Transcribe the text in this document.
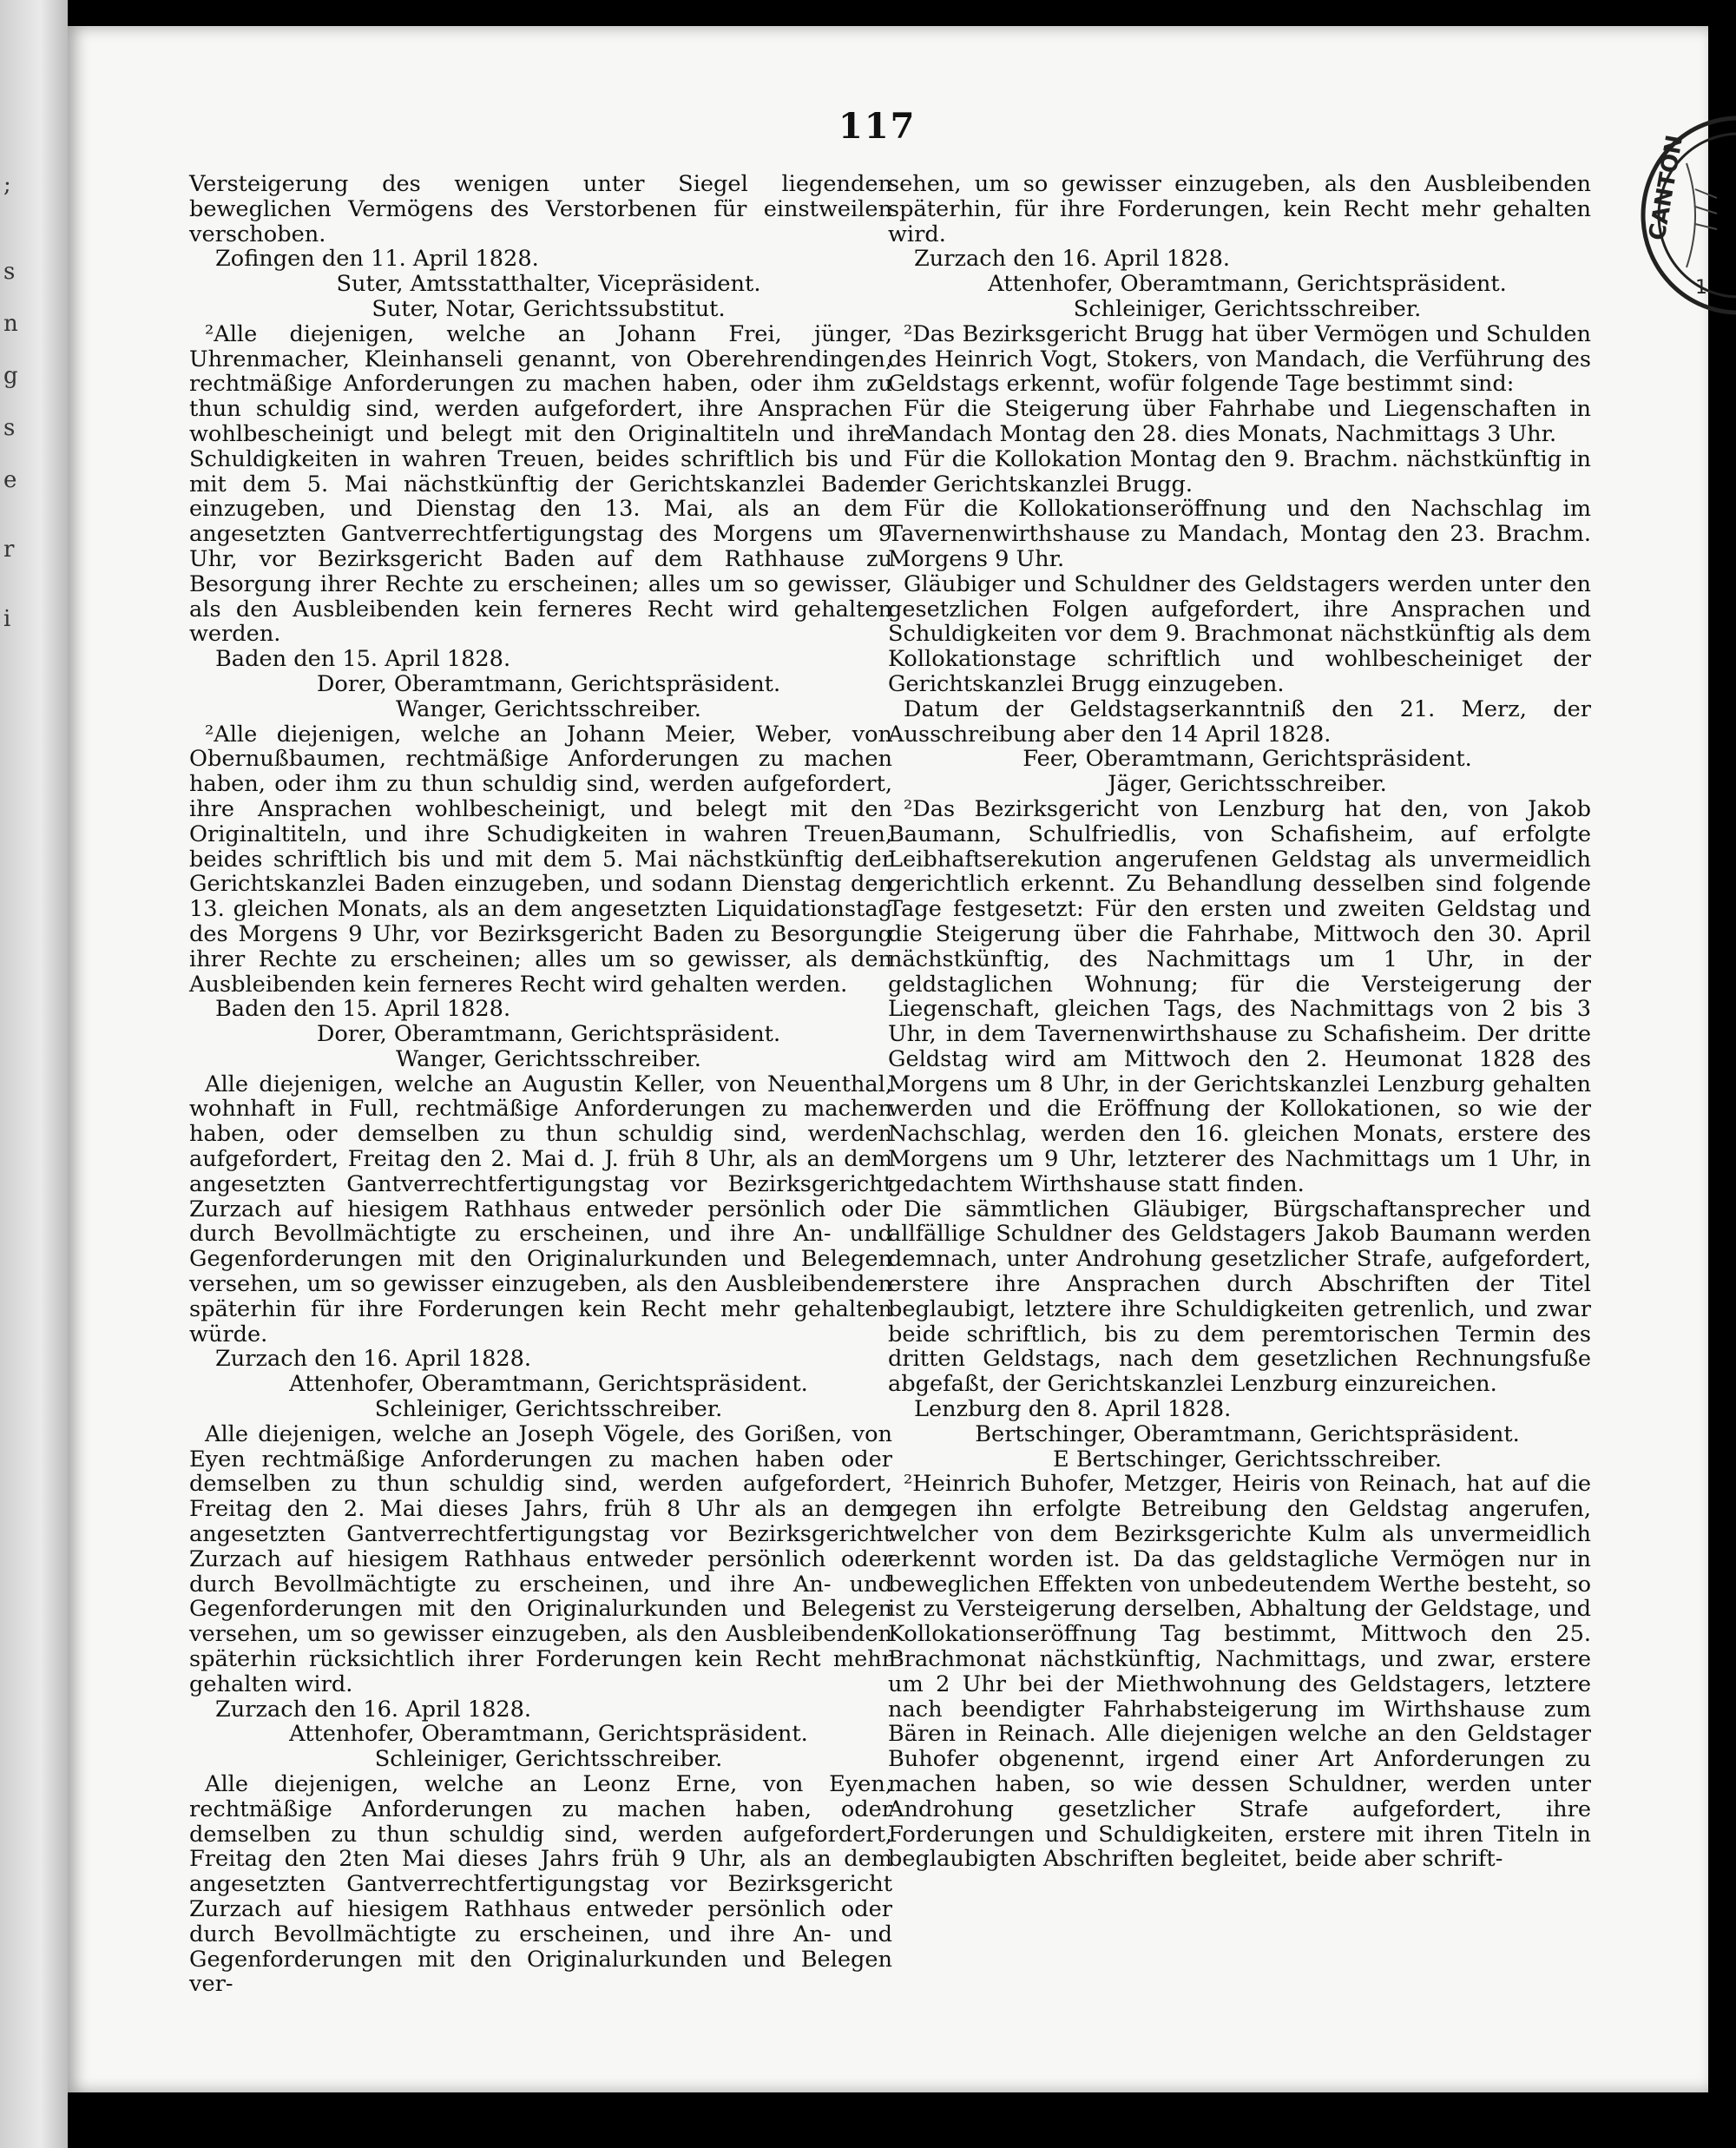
;
s
n
g
s
e
r
i
117
CANTON
1

Versteigerung des wenigen unter Siegel liegenden beweglichen Vermögens des Verstorbenen für einstweilen verschoben.

Zofingen den 11. April 1828.

Suter, Amtsstatthalter, Vicepräsident.

Suter, Notar, Gerichtssubstitut.

²Alle diejenigen, welche an Johann Frei, jünger, Uhrenmacher, Kleinhanseli genannt, von Oberehrendingen, rechtmäßige Anforderungen zu machen haben, oder ihm zu thun schuldig sind, werden aufgefordert, ihre Ansprachen wohlbescheinigt und belegt mit den Originaltiteln und ihre Schuldigkeiten in wahren Treuen, beides schriftlich bis und mit dem 5. Mai nächstkünftig der Gerichtskanzlei Baden einzugeben, und Dienstag den 13. Mai, als an dem angesetzten Gantverrechtfertigungstag des Morgens um 9 Uhr, vor Bezirksgericht Baden auf dem Rathhause zu Besorgung ihrer Rechte zu erscheinen; alles um so gewisser, als den Ausbleibenden kein ferneres Recht wird gehalten werden.

Baden den 15. April 1828.

Dorer, Oberamtmann, Gerichtspräsident.

Wanger, Gerichtsschreiber.

²Alle diejenigen, welche an Johann Meier, Weber, von Obernußbaumen, rechtmäßige Anforderungen zu machen haben, oder ihm zu thun schuldig sind, werden aufgefordert, ihre Ansprachen wohlbescheinigt, und belegt mit den Originaltiteln, und ihre Schudigkeiten in wahren Treuen, beides schriftlich bis und mit dem 5. Mai nächstkünftig der Gerichtskanzlei Baden einzugeben, und sodann Dienstag den 13. gleichen Monats, als an dem angesetzten Liquidationstag des Morgens 9 Uhr, vor Bezirksgericht Baden zu Besorgung ihrer Rechte zu erscheinen; alles um so gewisser, als den Ausbleibenden kein ferneres Recht wird gehalten werden.

Baden den 15. April 1828.

Dorer, Oberamtmann, Gerichtspräsident.

Wanger, Gerichtsschreiber.

Alle diejenigen, welche an Augustin Keller, von Neuenthal, wohnhaft in Full, rechtmäßige Anforderungen zu machen haben, oder demselben zu thun schuldig sind, werden aufgefordert, Freitag den 2. Mai d. J. früh 8 Uhr, als an dem angesetzten Gantverrechtfertigungstag vor Bezirksgericht Zurzach auf hiesigem Rathhaus entweder persönlich oder durch Bevollmächtigte zu erscheinen, und ihre An- und Gegenforderungen mit den Originalurkunden und Belegen versehen, um so gewisser einzugeben, als den Ausbleibenden späterhin für ihre Forderungen kein Recht mehr gehalten würde.

Zurzach den 16. April 1828.

Attenhofer, Oberamtmann, Gerichtspräsident.

Schleiniger, Gerichtsschreiber.

Alle diejenigen, welche an Joseph Vögele, des Gorißen, von Eyen rechtmäßige Anforderungen zu machen haben oder demselben zu thun schuldig sind, werden aufgefordert, Freitag den 2. Mai dieses Jahrs, früh 8 Uhr als an dem angesetzten Gantverrechtfertigungstag vor Bezirksgericht Zurzach auf hiesigem Rathhaus entweder persönlich oder durch Bevollmächtigte zu erscheinen, und ihre An- und Gegenforderungen mit den Originalurkunden und Belegen versehen, um so gewisser einzugeben, als den Ausbleibenden späterhin rücksichtlich ihrer Forderungen kein Recht mehr gehalten wird.

Zurzach den 16. April 1828.

Attenhofer, Oberamtmann, Gerichtspräsident.

Schleiniger, Gerichtsschreiber.

Alle diejenigen, welche an Leonz Erne, von Eyen, rechtmäßige Anforderungen zu machen haben, oder demselben zu thun schuldig sind, werden aufgefordert, Freitag den 2ten Mai dieses Jahrs früh 9 Uhr, als an dem angesetzten Gantverrechtfertigungstag vor Bezirksgericht Zurzach auf hiesigem Rathhaus entweder persönlich oder durch Bevollmächtigte zu erscheinen, und ihre An- und Gegenforderungen mit den Originalurkunden und Belegen ver-

sehen, um so gewisser einzugeben, als den Ausbleibenden späterhin, für ihre Forderungen, kein Recht mehr gehalten wird.

Zurzach den 16. April 1828.

Attenhofer, Oberamtmann, Gerichtspräsident.

Schleiniger, Gerichtsschreiber.

²Das Bezirksgericht Brugg hat über Vermögen und Schulden des Heinrich Vogt, Stokers, von Mandach, die Verführung des Geldstags erkennt, wofür folgende Tage bestimmt sind:

Für die Steigerung über Fahrhabe und Liegenschaften in Mandach Montag den 28. dies Monats, Nachmittags 3 Uhr.

Für die Kollokation Montag den 9. Brachm. nächstkünftig in der Gerichtskanzlei Brugg.

Für die Kollokationseröffnung und den Nachschlag im Tavernenwirthshause zu Mandach, Montag den 23. Brachm. Morgens 9 Uhr.

Gläubiger und Schuldner des Geldstagers werden unter den gesetzlichen Folgen aufgefordert, ihre Ansprachen und Schuldigkeiten vor dem 9. Brachmonat nächstkünftig als dem Kollokationstage schriftlich und wohlbescheiniget der Gerichtskanzlei Brugg einzugeben.

Datum der Geldstagserkanntniß den 21. Merz, der Ausschreibung aber den 14 April 1828.

Feer, Oberamtmann, Gerichtspräsident.

Jäger, Gerichtsschreiber.

²Das Bezirksgericht von Lenzburg hat den, von Jakob Baumann, Schulfriedlis, von Schafisheim, auf erfolgte Leibhaftserekution angerufenen Geldstag als unvermeidlich gerichtlich erkennt. Zu Behandlung desselben sind folgende Tage festgesetzt: Für den ersten und zweiten Geldstag und die Steigerung über die Fahrhabe, Mittwoch den 30. April nächstkünftig, des Nachmittags um 1 Uhr, in der geldstaglichen Wohnung; für die Versteigerung der Liegenschaft, gleichen Tags, des Nachmittags von 2 bis 3 Uhr, in dem Tavernenwirthshause zu Schafisheim. Der dritte Geldstag wird am Mittwoch den 2. Heumonat 1828 des Morgens um 8 Uhr, in der Gerichtskanzlei Lenzburg gehalten werden und die Eröffnung der Kollokationen, so wie der Nachschlag, werden den 16. gleichen Monats, erstere des Morgens um 9 Uhr, letzterer des Nachmittags um 1 Uhr, in gedachtem Wirthshause statt finden.

Die sämmtlichen Gläubiger, Bürgschaftansprecher und allfällige Schuldner des Geldstagers Jakob Baumann werden demnach, unter Androhung gesetzlicher Strafe, aufgefordert, erstere ihre Ansprachen durch Abschriften der Titel beglaubigt, letztere ihre Schuldigkeiten getrenlich, und zwar beide schriftlich, bis zu dem peremtorischen Termin des dritten Geldstags, nach dem gesetzlichen Rechnungsfuße abgefaßt, der Gerichtskanzlei Lenzburg einzureichen.

Lenzburg den 8. April 1828.

Bertschinger, Oberamtmann, Gerichtspräsident.

E Bertschinger, Gerichtsschreiber.

²Heinrich Buhofer, Metzger, Heiris von Reinach, hat auf die gegen ihn erfolgte Betreibung den Geldstag angerufen, welcher von dem Bezirksgerichte Kulm als unvermeidlich erkennt worden ist. Da das geldstagliche Vermögen nur in beweglichen Effekten von unbedeutendem Werthe besteht, so ist zu Versteigerung derselben, Abhaltung der Geldstage, und Kollokationseröffnung Tag bestimmt, Mittwoch den 25. Brachmonat nächstkünftig, Nachmittags, und zwar, erstere um 2 Uhr bei der Miethwohnung des Geldstagers, letztere nach beendigter Fahrhabsteigerung im Wirthshause zum Bären in Reinach. Alle diejenigen welche an den Geldstager Buhofer obgenennt, irgend einer Art Anforderungen zu machen haben, so wie dessen Schuldner, werden unter Androhung gesetzlicher Strafe aufgefordert, ihre Forderungen und Schuldigkeiten, erstere mit ihren Titeln in beglaubigten Abschriften begleitet, beide aber schrift-
